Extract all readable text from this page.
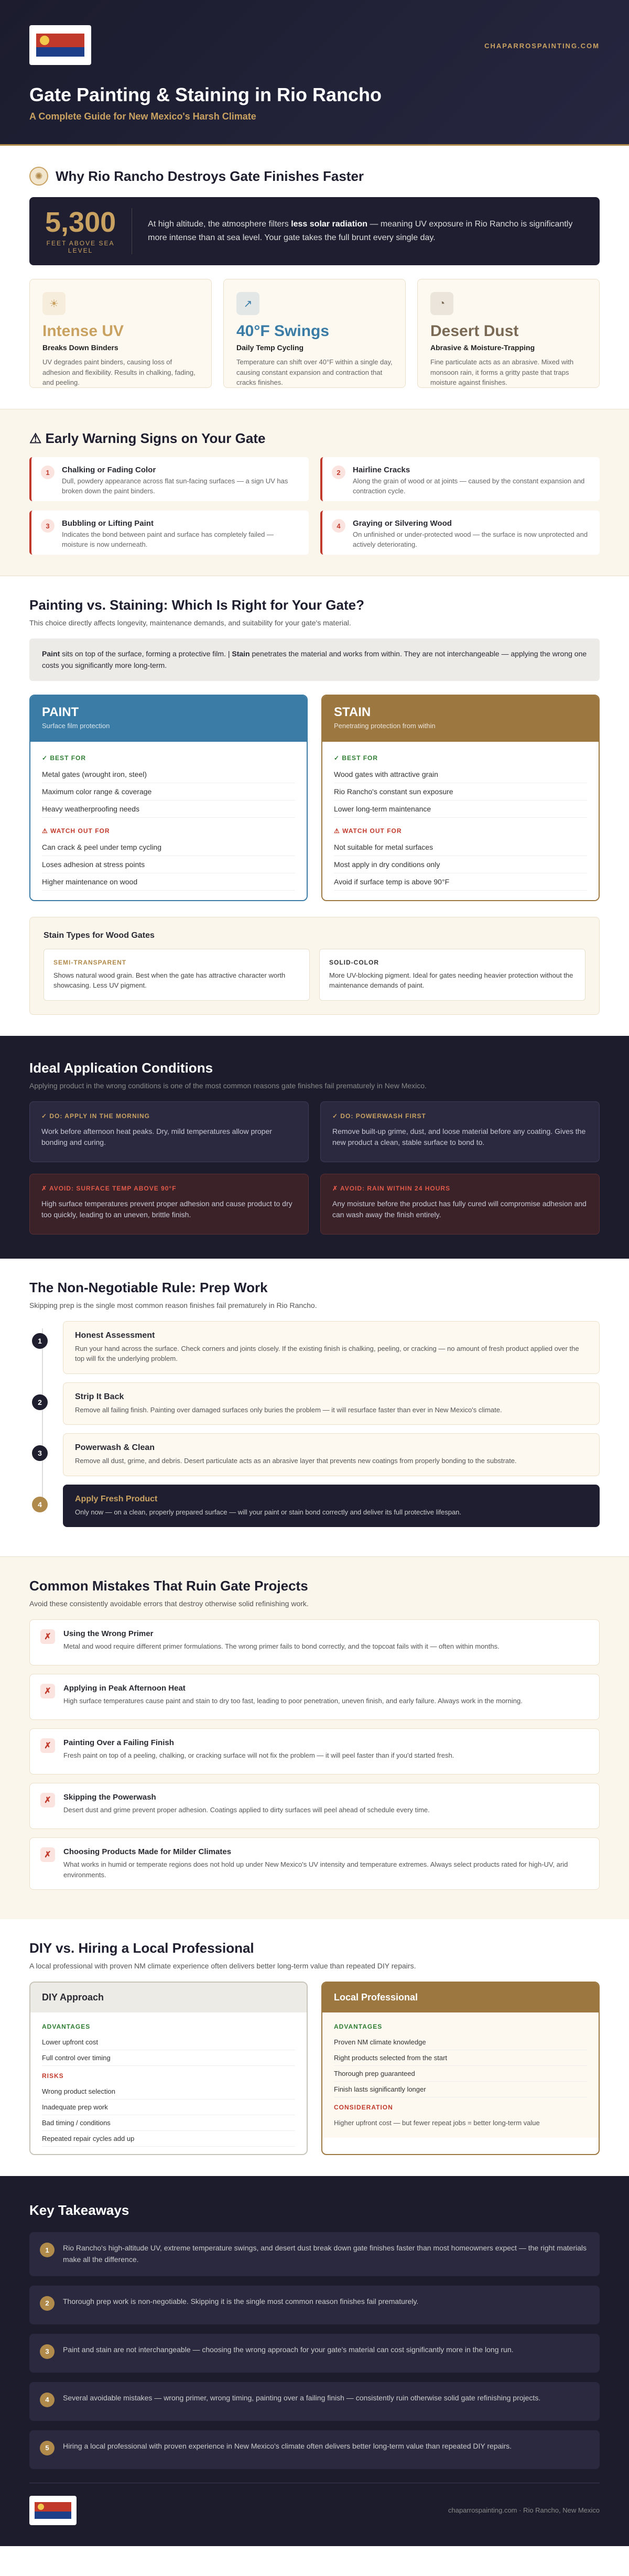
CHAPARROSPAINTING.COM
Gate Painting & Staining in Rio Rancho
A Complete Guide for New Mexico's Harsh Climate
✺ Why Rio Rancho Destroys Gate Finishes Faster
5,300
FEET ABOVE SEA LEVEL
At high altitude, the atmosphere filters less solar radiation — meaning UV exposure in Rio Rancho is significantly more intense than at sea level. Your gate takes the full brunt every single day.
☀
Intense UV
Breaks Down Binders
UV degrades paint binders, causing loss of adhesion and flexibility. Results in chalking, fading, and peeling.
↗
40°F Swings
Daily Temp Cycling
Temperature can shift over 40°F within a single day, causing constant expansion and contraction that cracks finishes.
◔
Desert Dust
Abrasive & Moisture-Trapping
Fine particulate acts as an abrasive. Mixed with monsoon rain, it forms a gritty paste that traps moisture against finishes.
⚠ Early Warning Signs on Your Gate
1	Chalking or Fading Color
Dull, powdery appearance across flat sun-facing surfaces — a sign UV has broken down the paint binders.
2	Hairline Cracks
Along the grain of wood or at joints — caused by the constant expansion and contraction cycle.
3	Bubbling or Lifting Paint
Indicates the bond between paint and surface has completely failed — moisture is now underneath.
4	Graying or Silvering Wood
On unfinished or under-protected wood — the surface is now unprotected and actively deteriorating.
Painting vs. Staining: Which Is Right for Your Gate?

This choice directly affects longevity, maintenance demands, and suitability for your gate's material.

Paint sits on top of the surface, forming a protective film. | Stain penetrates the material and works from within. They are not interchangeable — applying the wrong one costs you significantly more long-term.
PAINT
Surface film protection
✓ BEST FOR
Metal gates (wrought iron, steel)
Maximum color range & coverage
Heavy weatherproofing needs
⚠ WATCH OUT FOR
Can crack & peel under temp cycling
Loses adhesion at stress points
Higher maintenance on wood
STAIN
Penetrating protection from within
✓ BEST FOR
Wood gates with attractive grain
Rio Rancho's constant sun exposure
Lower long-term maintenance
⚠ WATCH OUT FOR
Not suitable for metal surfaces
Most apply in dry conditions only
Avoid if surface temp is above 90°F
Stain Types for Wood Gates
SEMI-TRANSPARENT
Shows natural wood grain. Best when the gate has attractive character worth showcasing. Less UV pigment.
SOLID-COLOR
More UV-blocking pigment. Ideal for gates needing heavier protection without the maintenance demands of paint.
Ideal Application Conditions

Applying product in the wrong conditions is one of the most common reasons gate finishes fail prematurely in New Mexico.

✓ DO: APPLY IN THE MORNING
Work before afternoon heat peaks. Dry, mild temperatures allow proper bonding and curing.
✓ DO: POWERWASH FIRST
Remove built-up grime, dust, and loose material before any coating. Gives the new product a clean, stable surface to bond to.
✗ AVOID: SURFACE TEMP ABOVE 90°F
High surface temperatures prevent proper adhesion and cause product to dry too quickly, leading to an uneven, brittle finish.
✗ AVOID: RAIN WITHIN 24 HOURS
Any moisture before the product has fully cured will compromise adhesion and can wash away the finish entirely.
The Non-Negotiable Rule: Prep Work

Skipping prep is the single most common reason finishes fail prematurely in Rio Rancho.

1
Honest Assessment
Run your hand across the surface. Check corners and joints closely. If the existing finish is chalking, peeling, or cracking — no amount of fresh product applied over the top will fix the underlying problem.
2
Strip It Back
Remove all failing finish. Painting over damaged surfaces only buries the problem — it will resurface faster than ever in New Mexico's climate.
3
Powerwash & Clean
Remove all dust, grime, and debris. Desert particulate acts as an abrasive layer that prevents new coatings from properly bonding to the substrate.
4
Apply Fresh Product
Only now — on a clean, properly prepared surface — will your paint or stain bond correctly and deliver its full protective lifespan.
Common Mistakes That Ruin Gate Projects

Avoid these consistently avoidable errors that destroy otherwise solid refinishing work.

✗	Using the Wrong Primer
Metal and wood require different primer formulations. The wrong primer fails to bond correctly, and the topcoat fails with it — often within months.
✗	Applying in Peak Afternoon Heat
High surface temperatures cause paint and stain to dry too fast, leading to poor penetration, uneven finish, and early failure. Always work in the morning.
✗	Painting Over a Failing Finish
Fresh paint on top of a peeling, chalking, or cracking surface will not fix the problem — it will peel faster than if you'd started fresh.
✗	Skipping the Powerwash
Desert dust and grime prevent proper adhesion. Coatings applied to dirty surfaces will peel ahead of schedule every time.
✗	Choosing Products Made for Milder Climates
What works in humid or temperate regions does not hold up under New Mexico's UV intensity and temperature extremes. Always select products rated for high-UV, arid environments.
DIY vs. Hiring a Local Professional

A local professional with proven NM climate experience often delivers better long-term value than repeated DIY repairs.

DIY Approach
ADVANTAGES
Lower upfront cost
Full control over timing
RISKS
Wrong product selection
Inadequate prep work
Bad timing / conditions
Repeated repair cycles add up
Local Professional
ADVANTAGES
Proven NM climate knowledge
Right products selected from the start
Thorough prep guaranteed
Finish lasts significantly longer
CONSIDERATION
Higher upfront cost — but fewer repeat jobs = better long-term value
Key Takeaways
1	Rio Rancho's high-altitude UV, extreme temperature swings, and desert dust break down gate finishes faster than most homeowners expect — the right materials make all the difference.
2	Thorough prep work is non-negotiable. Skipping it is the single most common reason finishes fail prematurely.
3	Paint and stain are not interchangeable — choosing the wrong approach for your gate's material can cost significantly more in the long run.
4	Several avoidable mistakes — wrong primer, wrong timing, painting over a failing finish — consistently ruin otherwise solid gate refinishing projects.
5	Hiring a local professional with proven experience in New Mexico's climate often delivers better long-term value than repeated DIY repairs.
chaparrospainting.com · Rio Rancho, New Mexico
